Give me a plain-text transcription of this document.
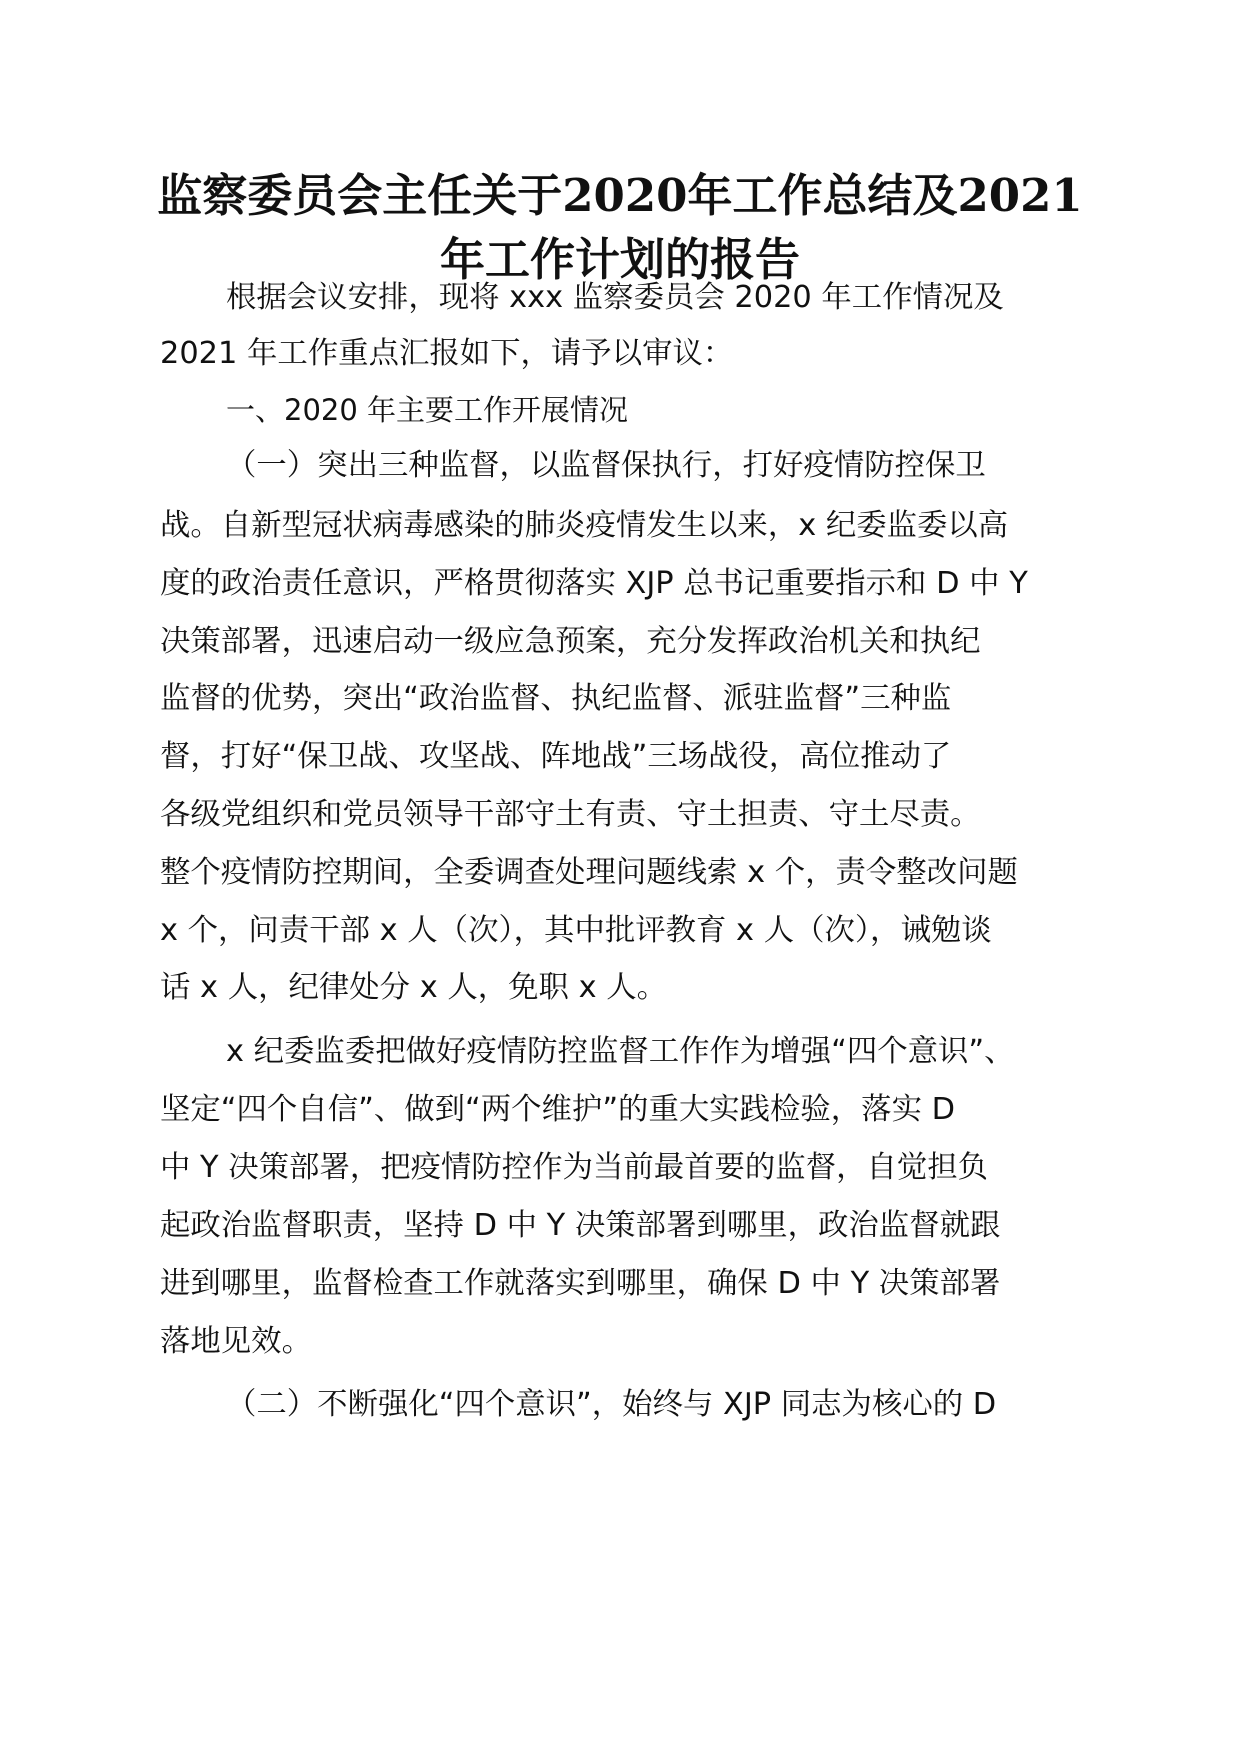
监察委员会主任关于2020年工作总结及2021
年工作计划的报告

根据会议安排，现将 xxx 监察委员会 2020 年工作情况及

2021 年工作重点汇报如下，请予以审议：

一、2020 年主要工作开展情况

（一）突出三种监督，以监督保执行，打好疫情防控保卫

战。自新型冠状病毒感染的肺炎疫情发生以来，x 纪委监委以高

度的政治责任意识，严格贯彻落实 XJP 总书记重要指示和 D 中 Y

决策部署，迅速启动一级应急预案，充分发挥政治机关和执纪

监督的优势，突出“政治监督、执纪监督、派驻监督”三种监

督，打好“保卫战、攻坚战、阵地战”三场战役，高位推动了

各级党组织和党员领导干部守土有责、守土担责、守土尽责。

整个疫情防控期间，全委调查处理问题线索 x 个，责令整改问题

x 个，问责干部 x 人（次），其中批评教育 x 人（次），诫勉谈

话 x 人，纪律处分 x 人，免职 x 人。

x 纪委监委把做好疫情防控监督工作作为增强“四个意识”、

坚定“四个自信”、做到“两个维护”的重大实践检验，落实 D

中 Y 决策部署，把疫情防控作为当前最首要的监督，自觉担负

起政治监督职责，坚持 D 中 Y 决策部署到哪里，政治监督就跟

进到哪里，监督检查工作就落实到哪里，确保 D 中 Y 决策部署

落地见效。

（二）不断强化“四个意识”，始终与 XJP 同志为核心的 D
